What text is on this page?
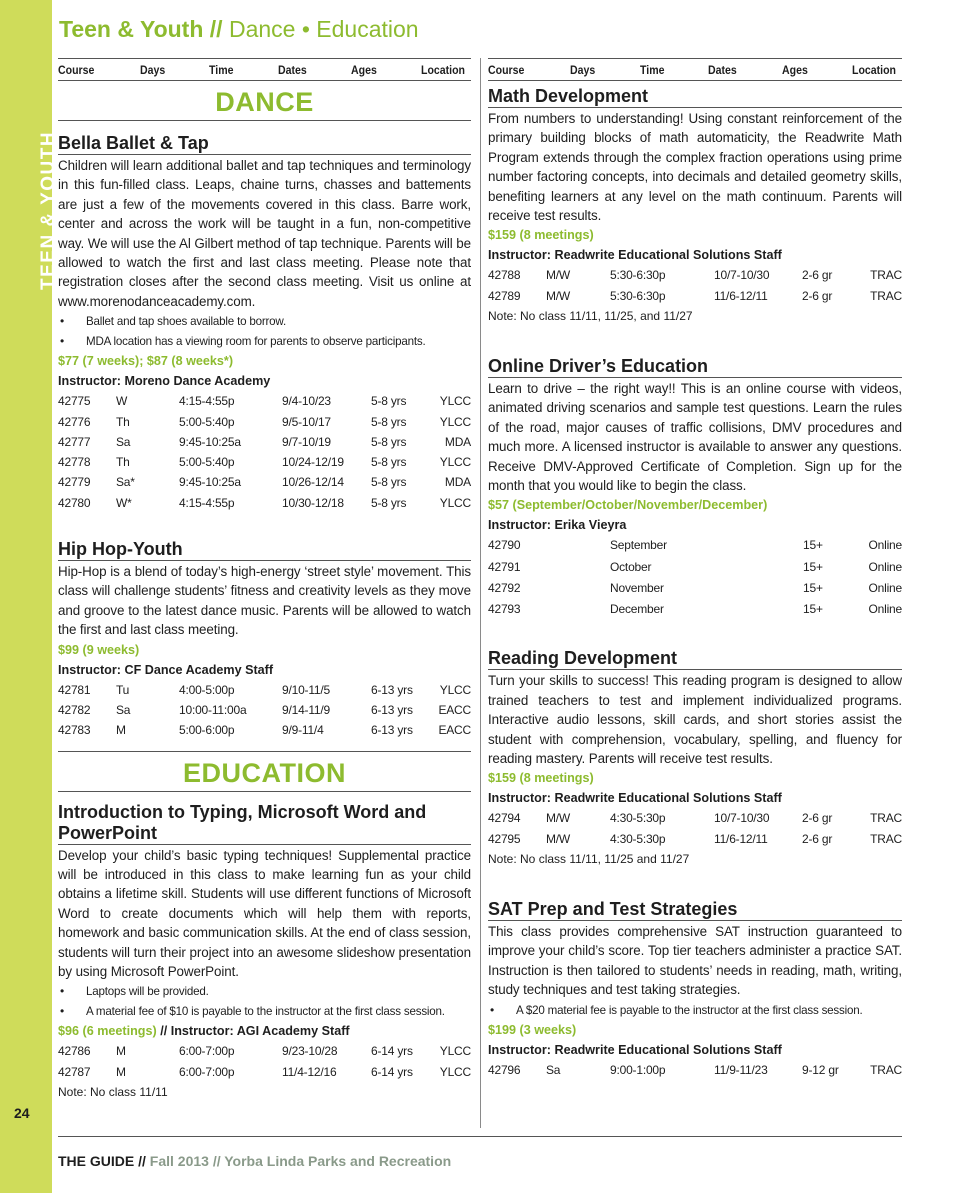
TEEN & YOUTH
24
Teen & Youth // Dance • Education
Course	Days	Time	Dates	Ages	Location
DANCE
Bella Ballet & Tap

Children will learn additional ballet and tap techniques and terminology in this fun-filled class. Leaps, chaine turns, chasses and battements are just a few of the movements covered in this class. Barre work, center and across the work will be taught in a fun, non-competitive way. We will use the Al Gilbert method of tap technique. Parents will be allowed to watch the first and last class meeting. Please note that registration closes after the second class meeting. Visit us online at www.morenodanceacademy.com.

• Ballet and tap shoes available to borrow.
• MDA location has a viewing room for parents to observe participants.
$77 (7 weeks); $87 (8 weeks*)
Instructor: Moreno Dance Academy
42775	W	4:15-4:55p	9/4-10/23	5-8 yrs	YLCC
42776	Th	5:00-5:40p	9/5-10/17	5-8 yrs	YLCC
42777	Sa	9:45-10:25a	9/7-10/19	5-8 yrs	MDA
42778	Th	5:00-5:40p	10/24-12/19	5-8 yrs	YLCC
42779	Sa*	9:45-10:25a	10/26-12/14	5-8 yrs	MDA
42780	W*	4:15-4:55p	10/30-12/18	5-8 yrs	YLCC
Hip Hop-Youth

Hip-Hop is a blend of today’s high-energy ‘street style’ movement. This class will challenge students’ fitness and creativity levels as they move and groove to the latest dance music. Parents will be allowed to watch the first and last class meeting.

$99 (9 weeks)
Instructor: CF Dance Academy Staff
42781	Tu	4:00-5:00p	9/10-11/5	6-13 yrs	YLCC
42782	Sa	10:00-11:00a	9/14-11/9	6-13 yrs	EACC
42783	M	5:00-6:00p	9/9-11/4	6-13 yrs	EACC
EDUCATION
Introduction to Typing, Microsoft Word and PowerPoint

Develop your child’s basic typing techniques! Supplemental practice will be introduced in this class to make learning fun as your child obtains a lifetime skill. Students will use different functions of Microsoft Word to create documents which will help them with reports, homework and basic communication skills. At the end of class session, students will turn their project into an awesome slideshow presentation by using Microsoft PowerPoint.

• Laptops will be provided.
• A material fee of $10 is payable to the instructor at the first class session.
$96 (6 meetings) // Instructor: AGI Academy Staff
42786	M	6:00-7:00p	9/23-10/28	6-14 yrs	YLCC
42787	M	6:00-7:00p	11/4-12/16	6-14 yrs	YLCC
Note: No class 11/11
Course	Days	Time	Dates	Ages	Location
Math Development

From numbers to understanding! Using constant reinforcement of the primary building blocks of math automaticity, the Readwrite Math Program extends through the complex fraction operations using prime number factoring concepts, into decimals and detailed geometry skills, benefiting learners at any level on the math continuum. Parents will receive test results.

$159 (8 meetings)
Instructor: Readwrite Educational Solutions Staff
42788	M/W	5:30-6:30p	10/7-10/30	2-6 gr	TRAC
42789	M/W	5:30-6:30p	11/6-12/11	2-6 gr	TRAC
Note: No class 11/11, 11/25, and 11/27
Online Driver’s Education

Learn to drive – the right way!! This is an online course with videos, animated driving scenarios and sample test questions. Learn the rules of the road, major causes of traffic collisions, DMV procedures and much more. A licensed instructor is available to answer any questions. Receive DMV-Approved Certificate of Completion. Sign up for the month that you would like to begin the class.

$57 (September/October/November/December)
Instructor: Erika Vieyra
42790	September	15+	Online
42791	October	15+	Online
42792	November	15+	Online
42793	December	15+	Online
Reading Development

Turn your skills to success! This reading program is designed to allow trained teachers to test and implement individualized programs. Interactive audio lessons, skill cards, and short stories assist the student with comprehension, vocabulary, spelling, and fluency for reading mastery. Parents will receive test results.

$159 (8 meetings)
Instructor: Readwrite Educational Solutions Staff
42794	M/W	4:30-5:30p	10/7-10/30	2-6 gr	TRAC
42795	M/W	4:30-5:30p	11/6-12/11	2-6 gr	TRAC
Note: No class 11/11, 11/25 and 11/27
SAT Prep and Test Strategies

This class provides comprehensive SAT instruction guaranteed to improve your child’s score. Top tier teachers administer a practice SAT. Instruction is then tailored to students’ needs in reading, math, writing, study techniques and test taking strategies.

• A $20 material fee is payable to the instructor at the first class session.
$199 (3 weeks)
Instructor: Readwrite Educational Solutions Staff
42796	Sa	9:00-1:00p	11/9-11/23	9-12 gr	TRAC
THE GUIDE // Fall 2013 // Yorba Linda Parks and Recreation
